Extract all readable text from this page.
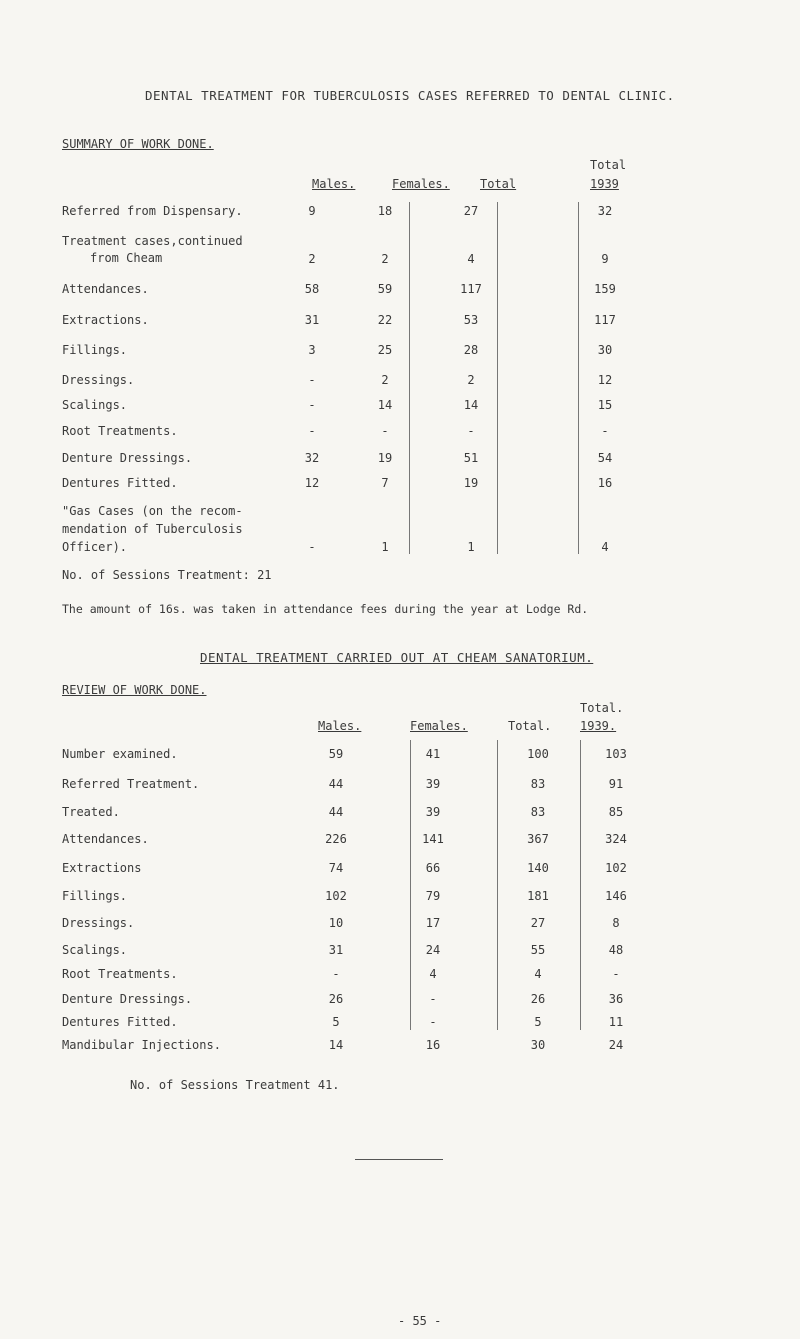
DENTAL TREATMENT FOR TUBERCULOSIS CASES REFERRED TO DENTAL CLINIC.
SUMMARY OF WORK DONE.
Total
Males.	Females.	Total	1939
Referred from Dispensary.	9	18	27	32
Treatment cases,continued
from Cheam	2	2	4	9
Attendances.	58	59	117	159
Extractions.	31	22	53	117
Fillings.	3	25	28	30
Dressings.	-	2	2	12
Scalings.	-	14	14	15
Root Treatments.	-	-	-	-
Denture Dressings.	32	19	51	54
Dentures Fitted.	12	7	19	16
"Gas Cases (on the recom-
mendation of Tuberculosis
Officer).	-	1	1	4
No. of Sessions Treatment: 21
The amount of 16s. was taken in attendance fees during the year at Lodge Rd.
DENTAL TREATMENT CARRIED OUT AT CHEAM SANATORIUM.
REVIEW OF WORK DONE.
Total.
Males.	Females.	Total. 1939.
Number examined.	59	41	100	103
Referred Treatment.	44	39	83	91
Treated.	44	39	83	85
Attendances.	226	141	367	324
Extractions	74	66	140	102
Fillings.	102	79	181	146
Dressings.	10	17	27	8
Scalings.	31	24	55	48
Root Treatments.	-	4	4	-
Denture Dressings.	26	-	26	36
Dentures Fitted.	5	-	5	11
Mandibular Injections.	14	16	30	24
No. of Sessions Treatment 41.
- 55 -
